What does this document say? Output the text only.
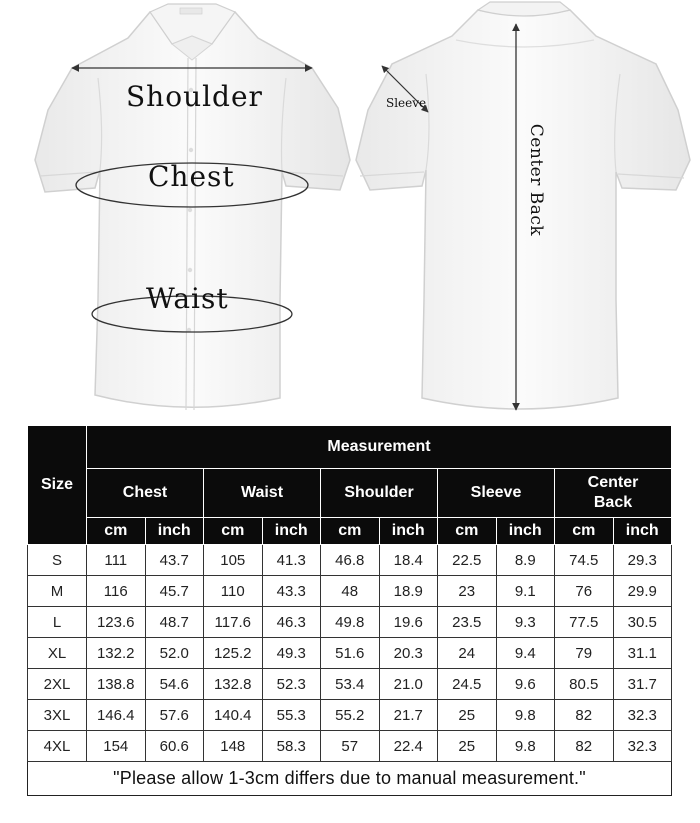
Shoulder
Chest
Waist
Sleeve
Center Back
Size	Measurement									
	Chest		Waist		Shoulder		Sleeve		Center Back	
	cm	inch	cm	inch	cm	inch	cm	inch	cm	inch
S	111	43.7	105	41.3	46.8	18.4	22.5	8.9	74.5	29.3
M	116	45.7	110	43.3	48	18.9	23	9.1	76	29.9
L	123.6	48.7	117.6	46.3	49.8	19.6	23.5	9.3	77.5	30.5
XL	132.2	52.0	125.2	49.3	51.6	20.3	24	9.4	79	31.1
2XL	138.8	54.6	132.8	52.3	53.4	21.0	24.5	9.6	80.5	31.7
3XL	146.4	57.6	140.4	55.3	55.2	21.7	25	9.8	82	32.3
4XL	154	60.6	148	58.3	57	22.4	25	9.8	82	32.3
"Please allow 1-3cm differs due to manual measurement."										
